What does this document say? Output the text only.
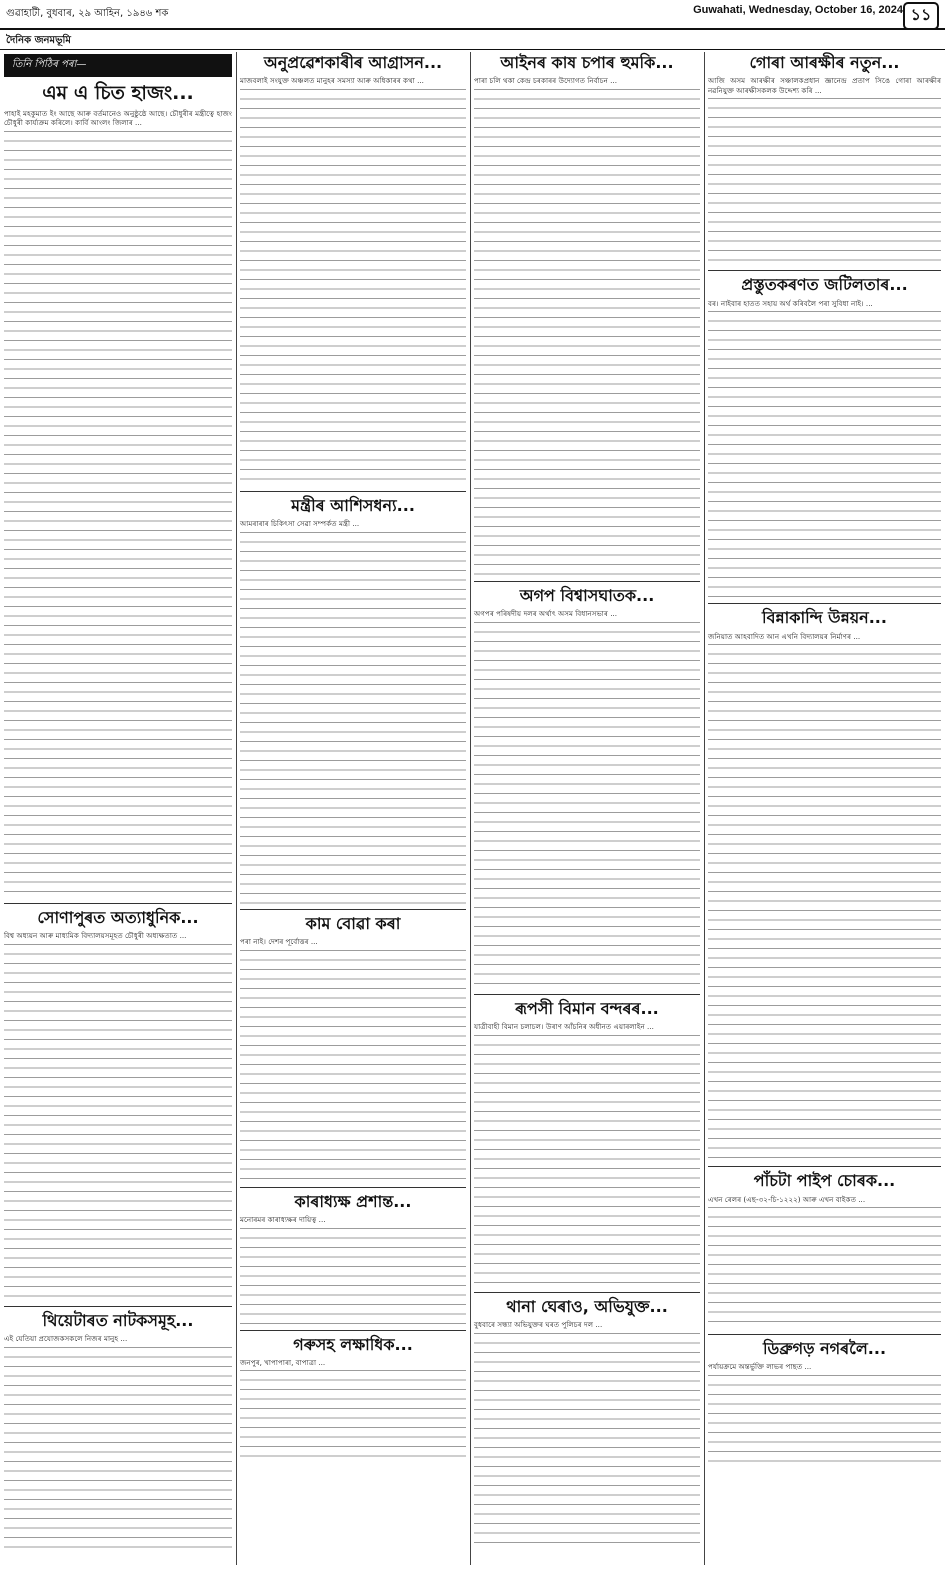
গুৱাহাটী, বুধবাৰ, ২৯ আহিন, ১৯৪৬ শক	Guwahati, Wednesday, October 16, 2024 ১১
দৈনিক জনমভূমি
তিনি পিঠিৰ পৰা—
এম এ চিত হাজং...
পাহাই মহকুমাত ইং আছে আৰু বৰ্তমানেও অনুষ্ঠুষ্ঠে আছে। চৌধুৰীৰ মন্ত্ৰীত্বে হাজং চৌধুৰী কাৰ্য্যক্ৰম কৰিলে। কাৰ্বি আংলং জিলাৰ ...
সোণাপুৰত অত্যাধুনিক...
বিশ্ব অধ্যয়ন আৰু মাধ্যমিক বিদ্যালয়সমূহত চৌধুৰী অধ্যক্ষতাত ...
থিয়েটাৰত নাটকসমূহ...
এই যেতিয়া প্ৰযোজকসকলে নিজৰ মানুহ ...
অনুপ্ৰৱেশকাৰীৰ আগ্ৰাসন...
মাজবলাই সংযুক্ত অঞ্চলত মানুহৰ সমস্যা আৰু অধিকাৰৰ কথা ...
মন্ত্ৰীৰ আশিসধন্য...
আমৰাৰাৰ চিকিৎসা সেৱা সম্পৰ্কত মন্ত্ৰী ...
কাম বোৱা কৰা
পৰা নাই। দেশৰ পূৰ্বোত্তৰ ...
কাৰাধ্যক্ষ প্ৰশান্ত...
মনোৰমৰ কাৰাধ্যক্ষৰ দায়িত্ব ...
গৰুসহ লক্ষাধিক...
জনপুৰ, খাপাপাৰা, বাপাত্ৰা ...
আইনৰ কাষ চপাৰ হুমকি...
পাৰা চলি থকা কেন্দ্ৰ চৰকাৰৰ উদ্যোগত নিৰ্বাচন ...
অগপ বিশ্বাসঘাতক...
অগপৰ পৰিষদীয় দলৰ অৰ্থাৎ অসম বিধানসভাৰ ...
ৰূপসী বিমান বন্দৰৰ...
যাত্ৰীবাহী বিমান চলাচল। উৰাণ আঁচনিৰ অধীনত এয়াৰলাইন ...
থানা ঘেৰাও, অভিযুক্ত...
বুধবাৰে সন্ধ্যা অভিযুক্তৰ ঘৰত পুলিচৰ দল ...
গোৰা আৰক্ষীৰ নতুন...
আজি অসম আৰক্ষীৰ সঞ্চালকপ্ৰধান জ্ঞানেন্দ্ৰ প্ৰতাপ সিঙে গোৰা আৰক্ষীৰ নৱনিযুক্ত আৰক্ষীসকলক উদ্দেশ্য কৰি ...
প্ৰস্তুতকৰণত জটিলতাৰ...
বৰ। নাইবাৰ হাতত সহায় অৰ্থ কৰিবলৈ পৰা সুবিধা নাই। ...
বিন্নাকান্দি উন্নয়ন...
জনিয়াত আহবাদিত আন এখনি বিদ্যালয়ৰ নিৰ্মাণৰ ...
পাঁচটা পাইপ চোৰক...
এখন ৰেলৰ (এছ-৩২-চি-১২২২) আৰু এখন বাইকত ...
ডিব্ৰুগড় নগৰলৈ...
পৰ্যায়ক্ৰমে অন্তৰ্ভুক্তি লাভৰ পাছত ...
